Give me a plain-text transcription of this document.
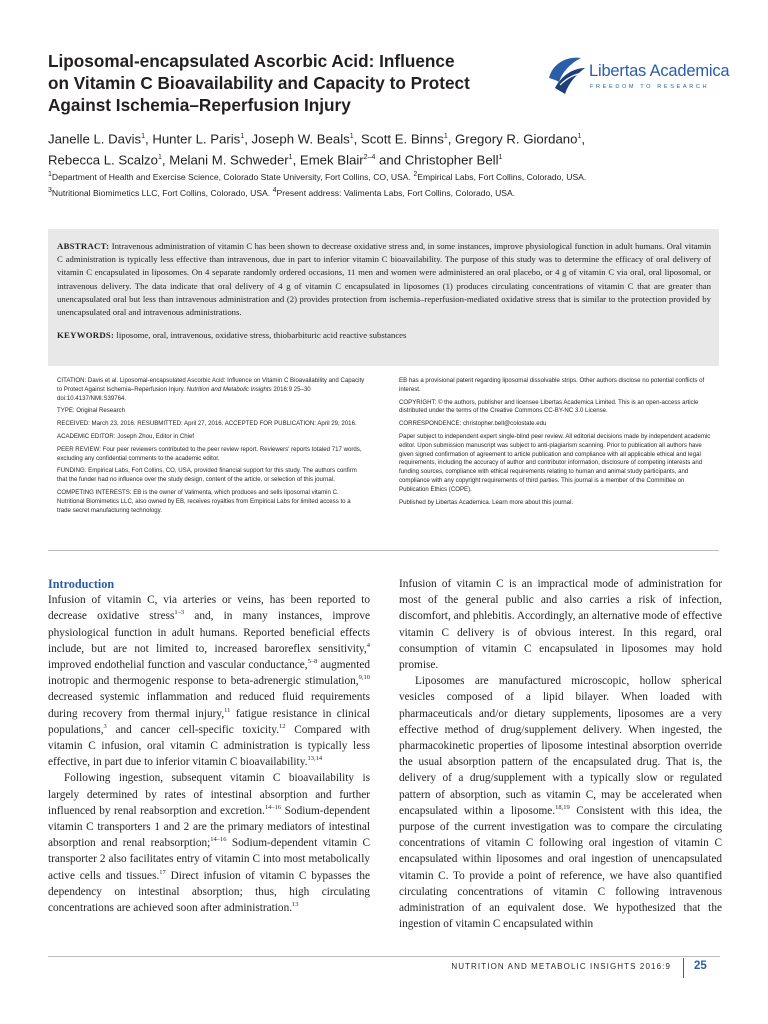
Liposomal-encapsulated Ascorbic Acid: Influence
on Vitamin C Bioavailability and Capacity to Protect
Against Ischemia–Reperfusion Injury
Libertas Academica
FREEDOM TO RESEARCH
Janelle L. Davis$^1$, Hunter L. Paris$^1$, Joseph W. Beals$^1$, Scott E. Binns$^1$, Gregory R. Giordano$^1$,
Rebecca L. Scalzo$^1$, Melani M. Schweder$^1$, Emek Blair$^{2-4}$ and Christopher Bell$^1$
$^1$Department of Health and Exercise Science, Colorado State University, Fort Collins, CO, USA. $^2$Empirical Labs, Fort Collins, Colorado, USA.
$^3$Nutritional Biomimetics LLC, Fort Collins, Colorado, USA. $^4$Present address: Valimenta Labs, Fort Collins, Colorado, USA.
ABSTRACT: Intravenous administration of vitamin C has been shown to decrease oxidative stress and, in some instances, improve physiological function in adult humans. Oral vitamin C administration is typically less effective than intravenous, due in part to inferior vitamin C bioavailability. The purpose of this study was to determine the efficacy of oral delivery of vitamin C encapsulated in liposomes. On 4 separate randomly ordered occasions, 11 men and women were administered an oral placebo, or 4 g of vitamin C via oral, oral liposomal, or intravenous delivery. The data indicate that oral delivery of 4 g of vitamin C encapsulated in liposomes (1) produces circulating concentrations of vitamin C that are greater than unencapsulated oral but less than intravenous administration and (2) provides protection from ischemia–reperfusion-mediated oxidative stress that is similar to the protection provided by unencapsulated oral and intravenous administrations.
KEYWORDS: liposome, oral, intravenous, oxidative stress, thiobarbituric acid reactive substances

CITATION: Davis et al. Liposomal-encapsulated Ascorbic Acid: Influence on Vitamin C Bioavailability and Capacity to Protect Against Ischemia–Reperfusion Injury. Nutrition and Metabolic Insights 2016:9 25–30 doi:10.4137/NMI.S39764.

TYPE: Original Research

RECEIVED: March 23, 2016. RESUBMITTED: April 27, 2016. ACCEPTED FOR PUBLICATION: April 29, 2016.

ACADEMIC EDITOR: Joseph Zhou, Editor in Chief

PEER REVIEW: Four peer reviewers contributed to the peer review report. Reviewers' reports totaled 717 words, excluding any confidential comments to the academic editor.

FUNDING: Empirical Labs, Fort Collins, CO, USA, provided financial support for this study. The authors confirm that the funder had no influence over the study design, content of the article, or selection of this journal.

COMPETING INTERESTS: EB is the owner of Valimenta, which produces and sells liposomal vitamin C. Nutritional Biomimetics LLC, also owned by EB, receives royalties from Empirical Labs for limited access to a trade secret manufacturing technology.

EB has a provisional patent regarding liposomal dissolvable strips. Other authors disclose no potential conflicts of interest.

COPYRIGHT: © the authors, publisher and licensee Libertas Academica Limited. This is an open-access article distributed under the terms of the Creative Commons CC-BY-NC 3.0 License.

CORRESPONDENCE: christopher.bell@colostate.edu

Paper subject to independent expert single-blind peer review. All editorial decisions made by independent academic editor. Upon submission manuscript was subject to anti-plagiarism scanning. Prior to publication all authors have given signed confirmation of agreement to article publication and compliance with all applicable ethical and legal requirements, including the accuracy of author and contributor information, disclosure of competing interests and funding sources, compliance with ethical requirements relating to human and animal study participants, and compliance with any copyright requirements of third parties. This journal is a member of the Committee on Publication Ethics (COPE).

Published by Libertas Academica. Learn more about this journal.

Introduction

Infusion of vitamin C, via arteries or veins, has been reported to decrease oxidative stress$^{1-3}$ and, in many instances, improve physiological function in adult humans. Reported beneficial effects include, but are not limited to, increased baroreflex sensitivity,$^4$ improved endothelial function and vascular conductance,$^{5-8}$ augmented inotropic and thermogenic response to beta-adrenergic stimulation,$^{9,10}$ decreased systemic inflammation and reduced fluid requirements during recovery from thermal injury,$^{11}$ fatigue resistance in clinical populations,$^3$ and cancer cell-specific toxicity.$^{12}$ Compared with vitamin C infusion, oral vitamin C administration is typically less effective, in part due to inferior vitamin C bioavailability.$^{13,14}$

Following ingestion, subsequent vitamin C bioavailability is largely determined by rates of intestinal absorption and further influenced by renal reabsorption and excretion.$^{14-16}$ Sodium-dependent vitamin C transporters 1 and 2 are the primary mediators of intestinal absorption and renal reabsorption;$^{14-16}$ Sodium-dependent vitamin C transporter 2 also facilitates entry of vitamin C into most metabolically active cells and tissues.$^{17}$ Direct infusion of vitamin C bypasses the dependency on intestinal absorption; thus, high circulating concentrations are achieved soon after administration.$^{13}$

Infusion of vitamin C is an impractical mode of administration for most of the general public and also carries a risk of infection, discomfort, and phlebitis. Accordingly, an alternative mode of effective vitamin C delivery is of obvious interest. In this regard, oral consumption of vitamin C encapsulated in liposomes may hold promise.

Liposomes are manufactured microscopic, hollow spherical vesicles composed of a lipid bilayer. When loaded with pharmaceuticals and/or dietary supplements, liposomes are a very effective method of drug/supplement delivery. When ingested, the pharmacokinetic properties of liposome intestinal absorption override the usual absorption pattern of the encapsulated drug. That is, the delivery of a drug/supplement with a typically slow or regulated pattern of absorption, such as vitamin C, may be accelerated when encapsulated within a liposome.$^{18,19}$ Consistent with this idea, the purpose of the current investigation was to compare the circulating concentrations of vitamin C following oral ingestion of vitamin C encapsulated within liposomes and oral ingestion of unencapsulated vitamin C. To provide a point of reference, we have also quantified circulating concentrations of vitamin C following intravenous administration of an equivalent dose. We hypothesized that the ingestion of vitamin C encapsulated within

NUTRITION AND METABOLIC INSIGHTS 2016:9 25
